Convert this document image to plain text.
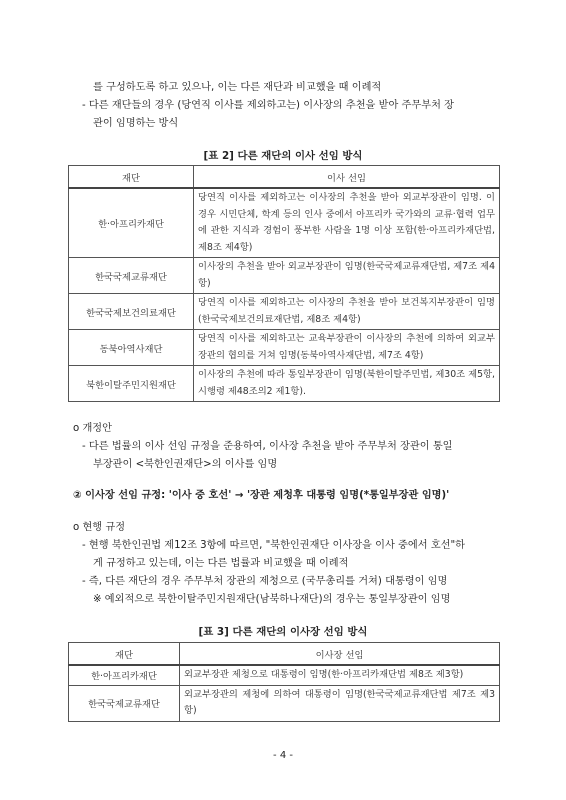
를 구성하도록 하고 있으나, 이는 다른 재단과 비교했을 때 이례적
- 다른 재단들의 경우 (당연직 이사를 제외하고는) 이사장의 추천을 받아 주무부처 장
관이 임명하는 방식
[표 2] 다른 재단의 이사 선임 방식
재단	이사 선임
한·아프리카재단	당연직 이사를 제외하고는 이사장의 추천을 받아 외교부장관이 임명. 이 경우 시민단체, 학계 등의 인사 중에서 아프리카 국가와의 교류·협력 업무에 관한 지식과 경험이 풍부한 사람을 1명 이상 포함(한·아프리카재단법, 제8조 제4항)
한국국제교류재단	이사장의 추천을 받아 외교부장관이 임명(한국국제교류재단법, 제7조 제4항)
한국국제보건의료재단	당연직 이사를 제외하고는 이사장의 추천을 받아 보건복지부장관이 임명(한국국제보건의료재단법, 제8조 제4항)
동북아역사재단	당연직 이사를 제외하고는 교육부장관이 이사장의 추천에 의하여 외교부장관의 협의를 거쳐 임명(동북아역사재단법, 제7조 4항)
북한이탈주민지원재단	이사장의 추천에 따라 통일부장관이 임명(북한이탈주민법, 제30조 제5항, 시행령 제48조의2 제1항).
o 개정안
- 다른 법률의 이사 선임 규정을 준용하여, 이사장 추천을 받아 주무부처 장관이 통일
부장관이 <북한인권재단>의 이사를 임명
② 이사장 선임 규정: '이사 중 호선' → '장관 제청후 대통령 임명(*통일부장관 임명)'
o 현행 규정
- 현행 북한인권법 제12조 3항에 따르면, "북한인권재단 이사장을 이사 중에서 호선"하
게 규정하고 있는데, 이는 다른 법률과 비교했을 때 이례적
- 즉, 다른 재단의 경우 주무부처 장관의 제청으로 (국무총리를 거쳐) 대통령이 임명
※ 예외적으로 북한이탈주민지원재단(남북하나재단)의 경우는 통일부장관이 임명
[표 3] 다른 재단의 이사장 선임 방식
재단	이사장 선임
한·아프리카재단	외교부장관 제청으로 대통령이 임명(한·아프리카재단법 제8조 제3항)
한국국제교류재단	외교부장관의 제청에 의하여 대통령이 임명(한국국제교류재단법 제7조 제3항)
- 4 -
